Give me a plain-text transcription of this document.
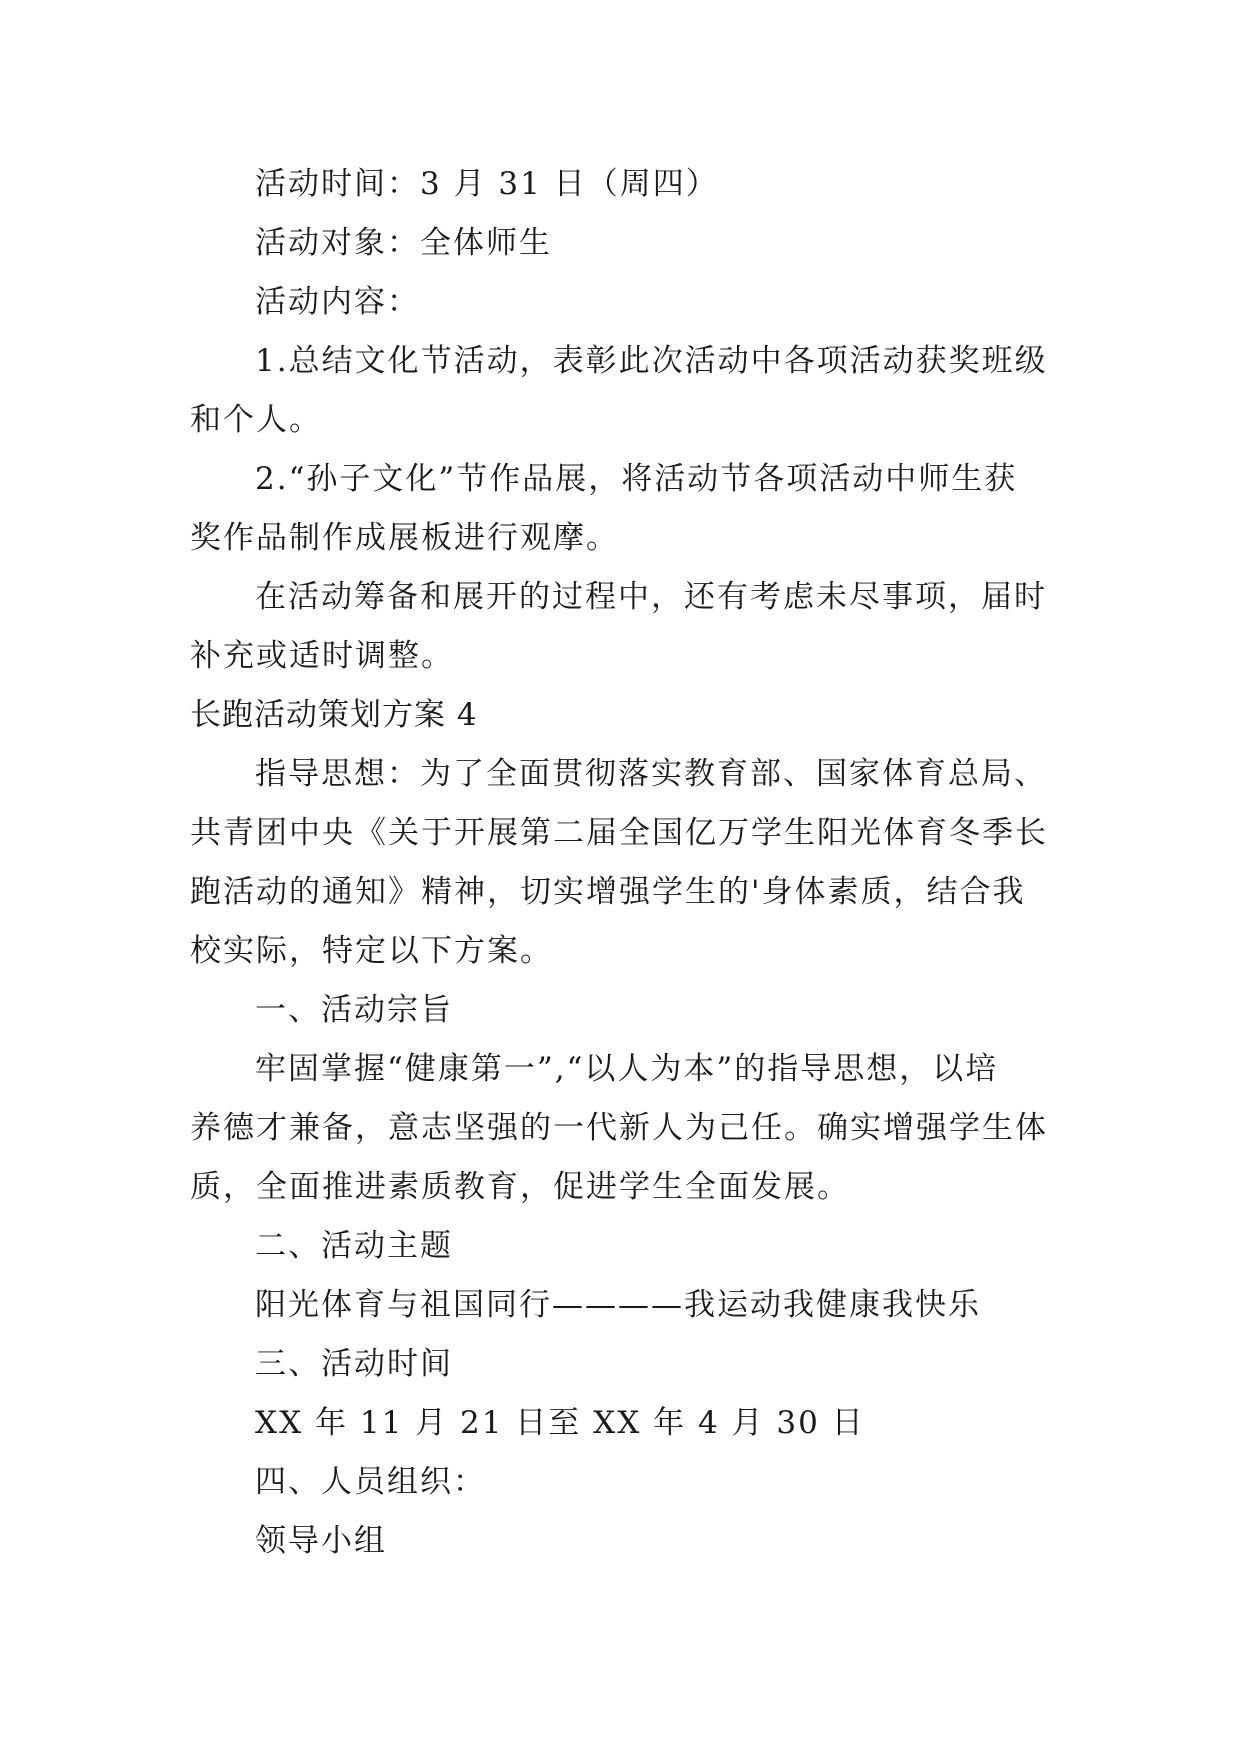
活动时间：3 月 31 日（周四）
活动对象：全体师生
活动内容：
1.总结文化节活动，表彰此次活动中各项活动获奖班级
和个人。
2.“孙子文化”节作品展，将活动节各项活动中师生获
奖作品制作成展板进行观摩。
在活动筹备和展开的过程中，还有考虑未尽事项，届时
补充或适时调整。
长跑活动策划方案 4
指导思想：为了全面贯彻落实教育部、国家体育总局、
共青团中央《关于开展第二届全国亿万学生阳光体育冬季长
跑活动的通知》精神，切实增强学生的'身体素质，结合我
校实际，特定以下方案。
一、活动宗旨
牢固掌握“健康第一”,“以人为本”的指导思想，以培
养德才兼备，意志坚强的一代新人为己任。确实增强学生体
质，全面推进素质教育，促进学生全面发展。
二、活动主题
阳光体育与祖国同行————我运动我健康我快乐
三、活动时间
XX 年 11 月 21 日至 XX 年 4 月 30 日
四、人员组织：
领导小组
